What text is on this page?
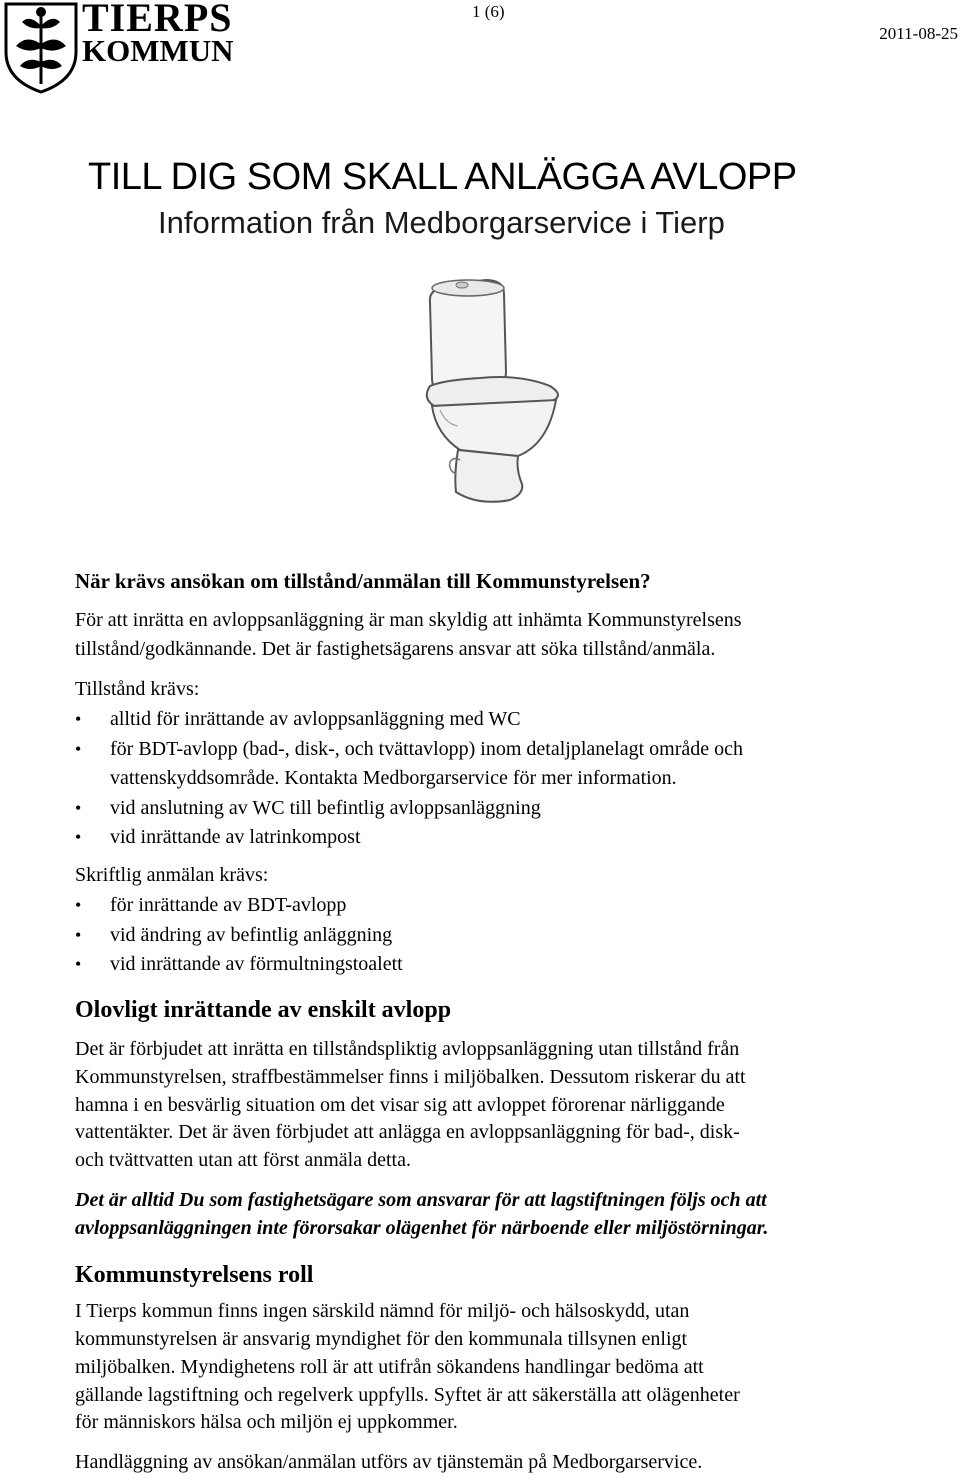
TIERPS
KOMMUN
1 (6)
2011-08-25
TILL DIG SOM SKALL ANLÄGGA AVLOPP
Information från Medborgarservice i Tierp
När krävs ansökan om tillstånd/anmälan till Kommunstyrelsen?
För att inrätta en avloppsanläggning är man skyldig att inhämta Kommunstyrelsens
tillstånd/godkännande. Det är fastighetsägarens ansvar att söka tillstånd/anmäla.
Tillstånd krävs:
• alltid för inrättande av avloppsanläggning med WC
• för BDT-avlopp (bad-, disk-, och tvättavlopp) inom detaljplanelagt område och vattenskyddsområde. Kontakta Medborgarservice för mer information.
• vid anslutning av WC till befintlig avloppsanläggning
• vid inrättande av latrinkompost
Skriftlig anmälan krävs:
• för inrättande av BDT-avlopp
• vid ändring av befintlig anläggning
• vid inrättande av förmultningstoalett
Olovligt inrättande av enskilt avlopp
Det är förbjudet att inrätta en tillståndspliktig avloppsanläggning utan tillstånd från
Kommunstyrelsen, straffbestämmelser finns i miljöbalken. Dessutom riskerar du att
hamna i en besvärlig situation om det visar sig att avloppet förorenar närliggande
vattentäkter. Det är även förbjudet att anlägga en avloppsanläggning för bad-, disk-
och tvättvatten utan att först anmäla detta.
Det är alltid Du som fastighetsägare som ansvarar för att lagstiftningen följs och att
avloppsanläggningen inte förorsakar olägenhet för närboende eller miljöstörningar.
Kommunstyrelsens roll
I Tierps kommun finns ingen särskild nämnd för miljö- och hälsoskydd, utan
kommunstyrelsen är ansvarig myndighet för den kommunala tillsynen enligt
miljöbalken. Myndighetens roll är att utifrån sökandens handlingar bedöma att
gällande lagstiftning och regelverk uppfylls. Syftet är att säkerställa att olägenheter
för människors hälsa och miljön ej uppkommer.
Handläggning av ansökan/anmälan utförs av tjänstemän på Medborgarservice.
